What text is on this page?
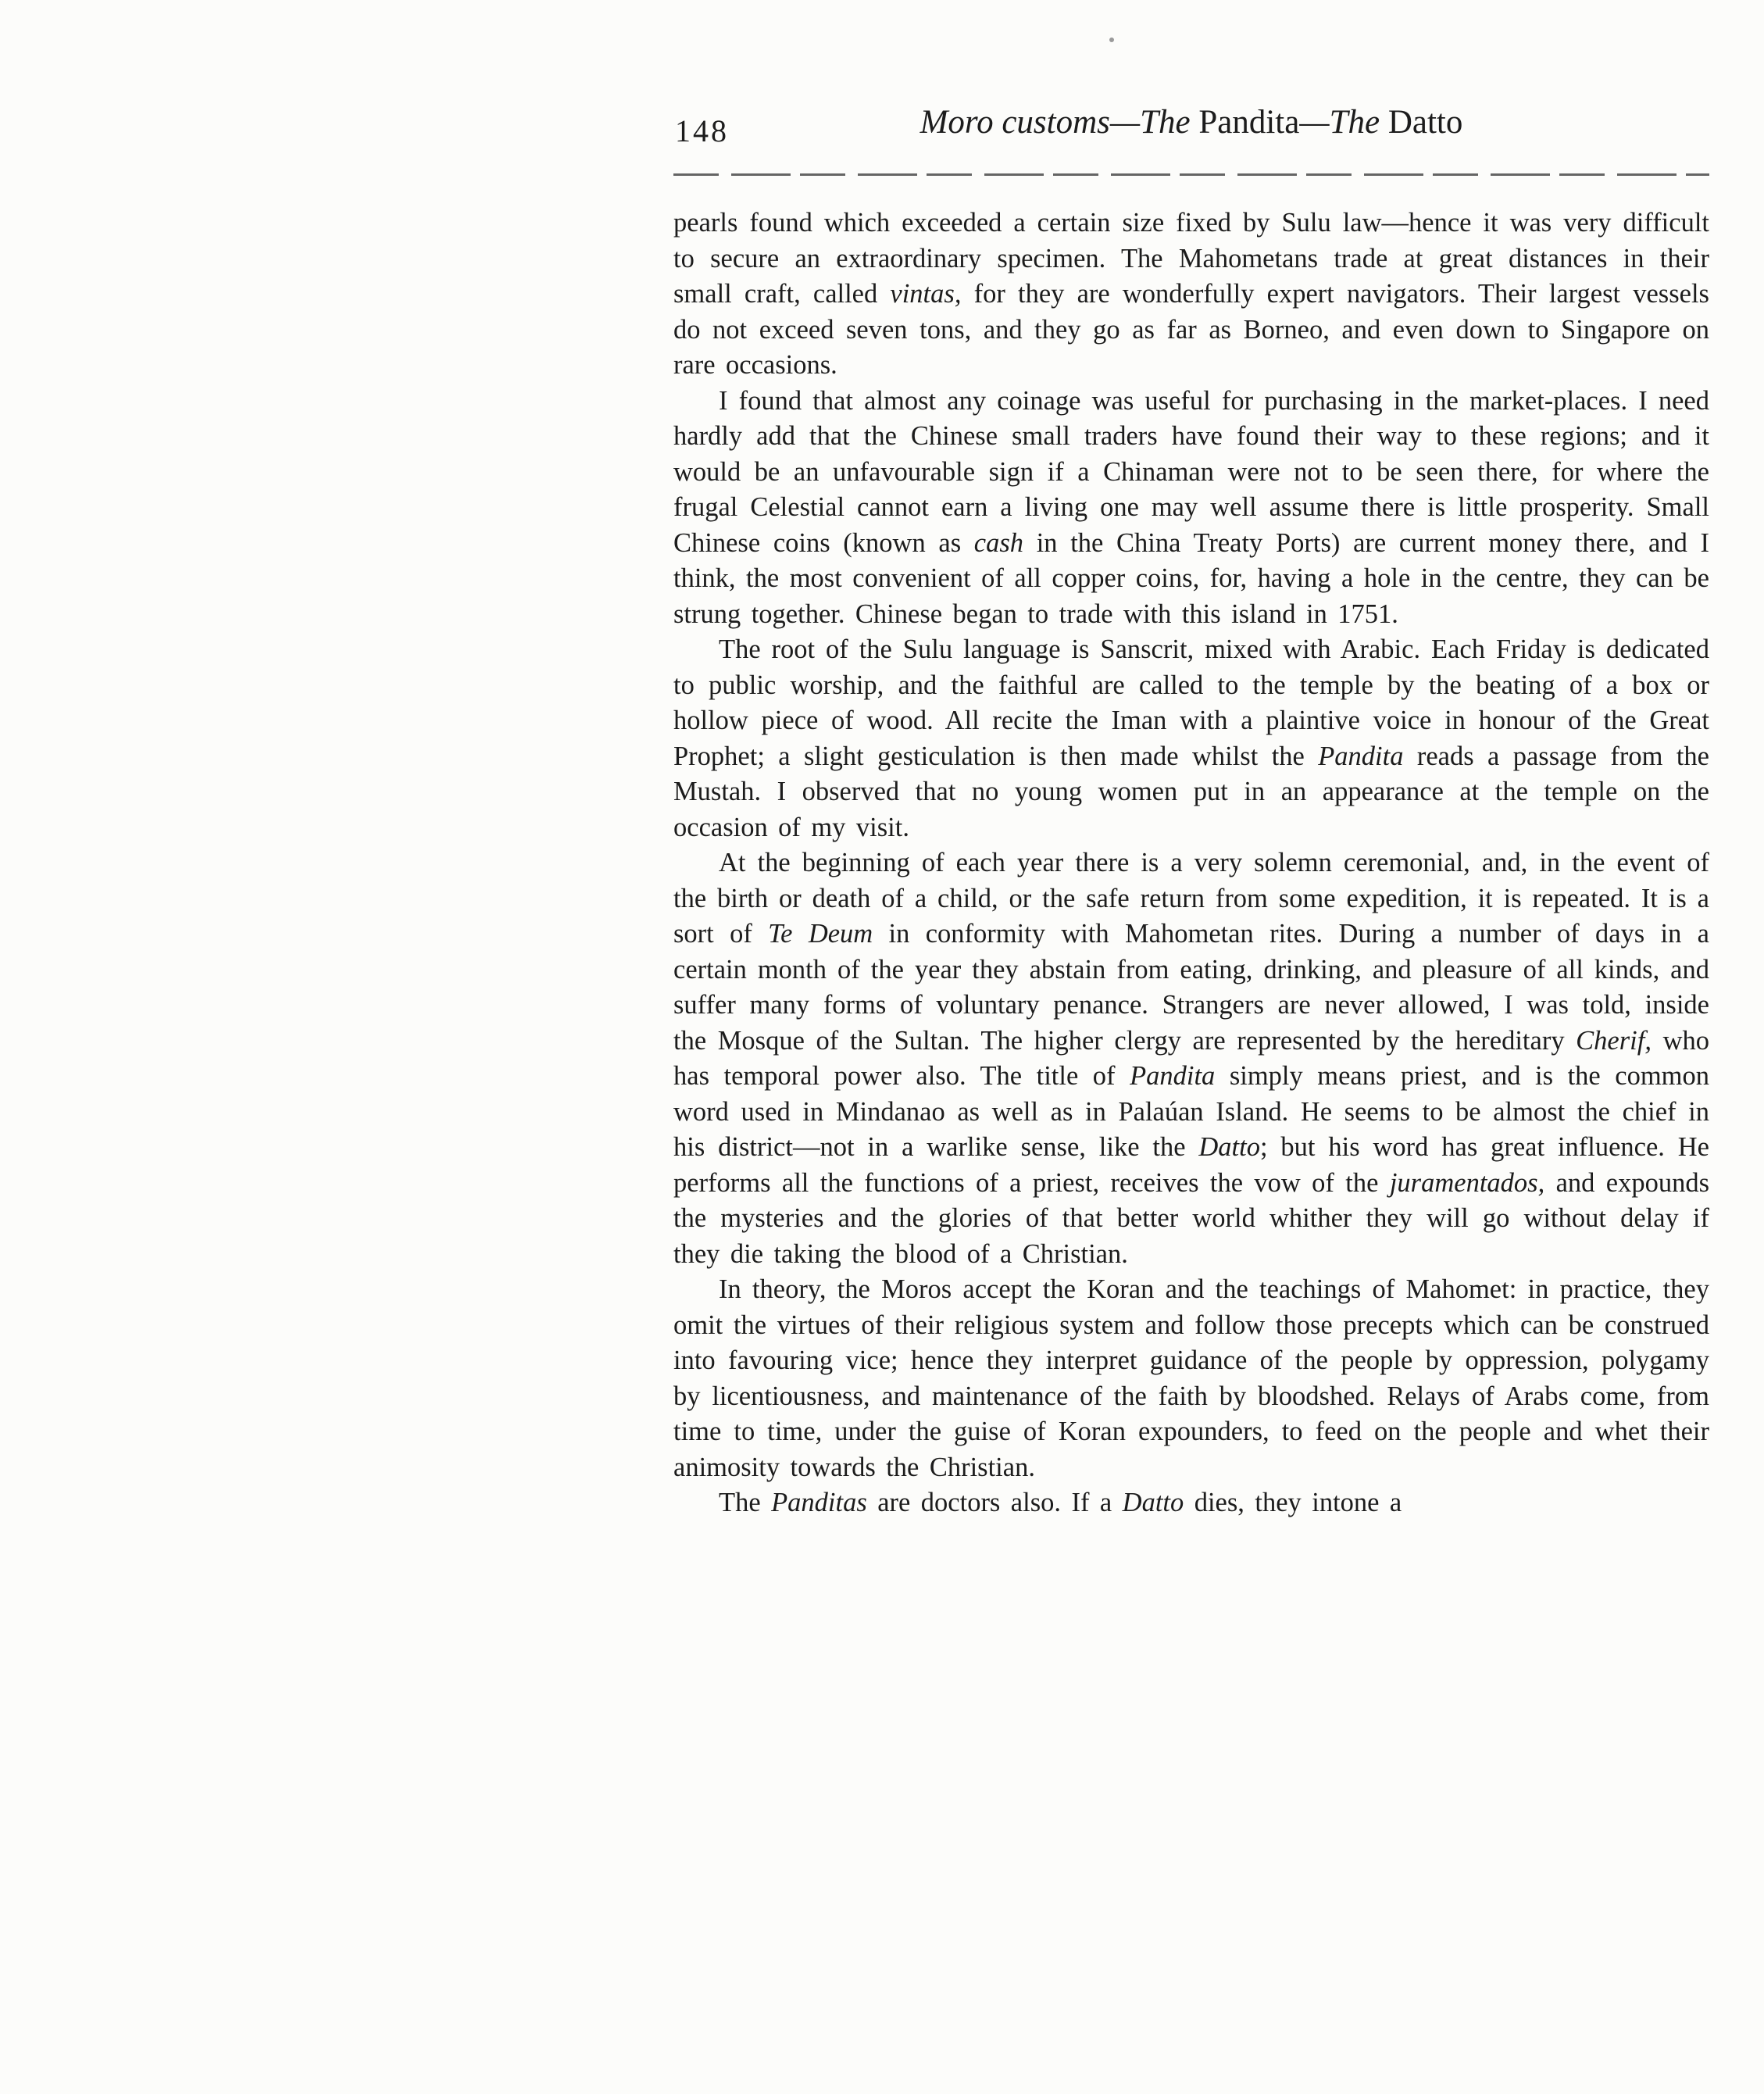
148	Moro customs—The Pandita—The Datto

pearls found which exceeded a certain size fixed by Sulu law—hence it was very difficult to secure an extraordinary specimen. The Mahometans trade at great distances in their small craft, called vintas, for they are wonderfully expert navigators. Their largest vessels do not exceed seven tons, and they go as far as Borneo, and even down to Singapore on rare occasions.

I found that almost any coinage was useful for purchasing in the market-places. I need hardly add that the Chinese small traders have found their way to these regions; and it would be an unfavourable sign if a Chinaman were not to be seen there, for where the frugal Celestial cannot earn a living one may well assume there is little prosperity. Small Chinese coins (known as cash in the China Treaty Ports) are current money there, and I think, the most convenient of all copper coins, for, having a hole in the centre, they can be strung together. Chinese began to trade with this island in 1751.

The root of the Sulu language is Sanscrit, mixed with Arabic. Each Friday is dedicated to public worship, and the faithful are called to the temple by the beating of a box or hollow piece of wood. All recite the Iman with a plaintive voice in honour of the Great Prophet; a slight gesticulation is then made whilst the Pandita reads a passage from the Mustah. I observed that no young women put in an appearance at the temple on the occasion of my visit.

At the beginning of each year there is a very solemn ceremonial, and, in the event of the birth or death of a child, or the safe return from some expedition, it is repeated. It is a sort of Te Deum in conformity with Mahometan rites. During a number of days in a certain month of the year they abstain from eating, drinking, and pleasure of all kinds, and suffer many forms of voluntary penance. Strangers are never allowed, I was told, inside the Mosque of the Sultan. The higher clergy are represented by the hereditary Cherif, who has temporal power also. The title of Pandita simply means priest, and is the common word used in Mindanao as well as in Palaúan Island. He seems to be almost the chief in his district—not in a warlike sense, like the Datto; but his word has great influence. He performs all the functions of a priest, receives the vow of the juramentados, and expounds the mysteries and the glories of that better world whither they will go without delay if they die taking the blood of a Christian.

In theory, the Moros accept the Koran and the teachings of Mahomet: in practice, they omit the virtues of their religious system and follow those precepts which can be construed into favouring vice; hence they interpret guidance of the people by oppression, polygamy by licentiousness, and maintenance of the faith by bloodshed. Relays of Arabs come, from time to time, under the guise of Koran expounders, to feed on the people and whet their animosity towards the Christian.

The Panditas are doctors also. If a Datto dies, they intone a
